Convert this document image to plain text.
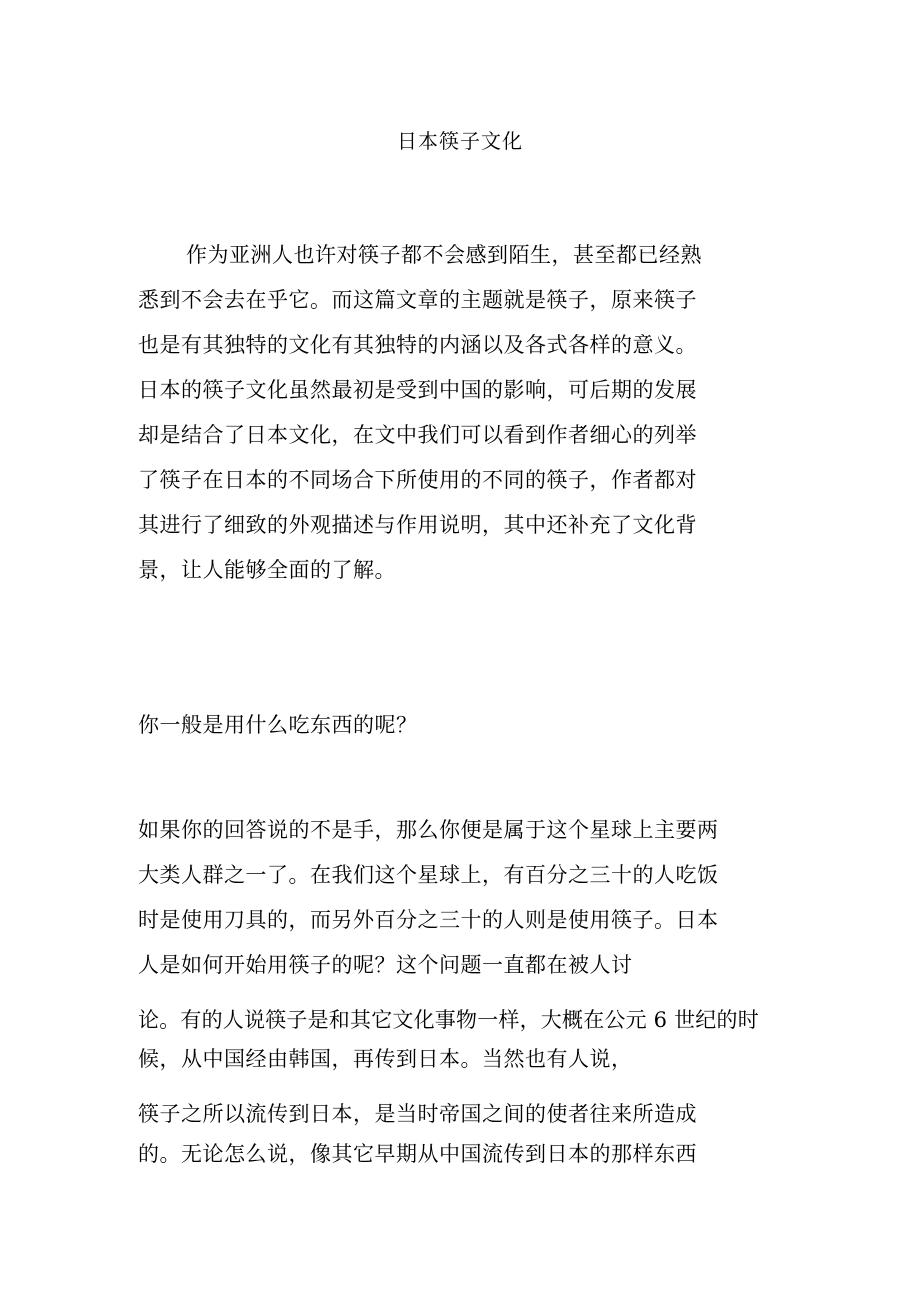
日本筷子文化
作为亚洲人也许对筷子都不会感到陌生，甚至都已经熟
悉到不会去在乎它。而这篇文章的主题就是筷子，原来筷子
也是有其独特的文化有其独特的内涵以及各式各样的意义。
日本的筷子文化虽然最初是受到中国的影响，可后期的发展
却是结合了日本文化，在文中我们可以看到作者细心的列举
了筷子在日本的不同场合下所使用的不同的筷子，作者都对
其进行了细致的外观描述与作用说明，其中还补充了文化背
景，让人能够全面的了解。
你一般是用什么吃东西的呢？
如果你的回答说的不是手，那么你便是属于这个星球上主要两
大类人群之一了。在我们这个星球上，有百分之三十的人吃饭
时是使用刀具的，而另外百分之三十的人则是使用筷子。日本
人是如何开始用筷子的呢？这个问题一直都在被人讨
论。有的人说筷子是和其它文化事物一样，大概在公元 6 世纪的时
候，从中国经由韩国，再传到日本。当然也有人说，
筷子之所以流传到日本，是当时帝国之间的使者往来所造成
的。无论怎么说，像其它早期从中国流传到日本的那样东西
